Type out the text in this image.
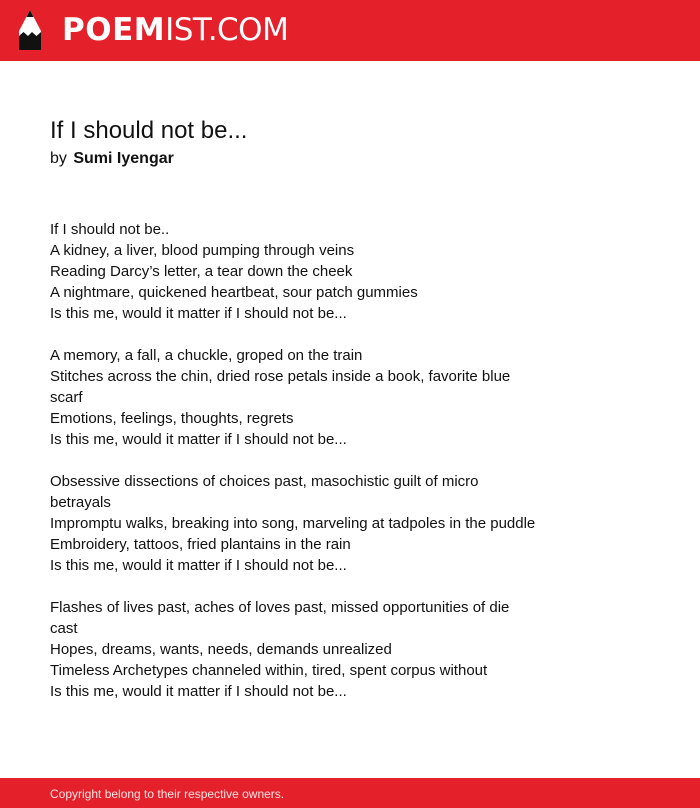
POEMIST.COM
If I should not be...
by Sumi Iyengar

If I should not be..
A kidney, a liver, blood pumping through veins
Reading Darcy’s letter, a tear down the cheek
A nightmare, quickened heartbeat, sour patch gummies
Is this me, would it matter if I should not be...

A memory, a fall, a chuckle, groped on the train
Stitches across the chin, dried rose petals inside a book, favorite blue
scarf
Emotions, feelings, thoughts, regrets
Is this me, would it matter if I should not be...

Obsessive dissections of choices past, masochistic guilt of micro
betrayals
Impromptu walks, breaking into song, marveling at tadpoles in the puddle
Embroidery, tattoos, fried plantains in the rain
Is this me, would it matter if I should not be...

Flashes of lives past, aches of loves past, missed opportunities of die
cast
Hopes, dreams, wants, needs, demands unrealized
Timeless Archetypes channeled within, tired, spent corpus without
Is this me, would it matter if I should not be...

Copyright belong to their respective owners.
